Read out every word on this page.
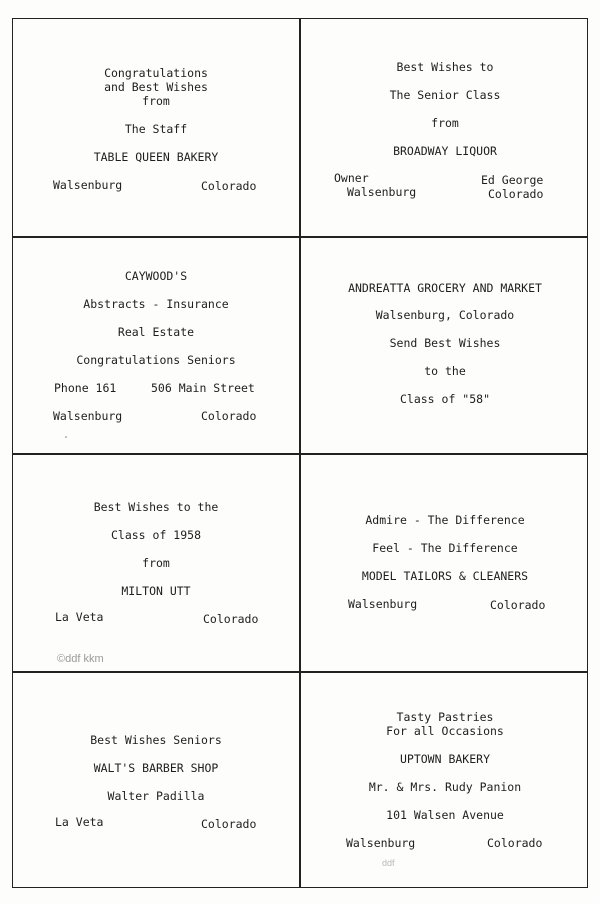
Congratulations
and Best Wishes
from
The Staff
TABLE QUEEN BAKERY
Walsenburg	Colorado
Best Wishes to
The Senior Class
from
BROADWAY LIQUOR
Owner
Walsenburg
Ed George
Colorado
CAYWOOD'S
Abstracts - Insurance
Real Estate
Congratulations Seniors
Phone 161	506 Main Street
Walsenburg	Colorado
ANDREATTA GROCERY AND MARKET
Walsenburg, Colorado
Send Best Wishes
to the
Class of "58"
Best Wishes to the
Class of 1958
from
MILTON UTT
La Veta	Colorado
©ddf kkm
Admire - The Difference
Feel - The Difference
MODEL TAILORS & CLEANERS
Walsenburg	Colorado
Best Wishes Seniors
WALT'S BARBER SHOP
Walter Padilla
La Veta	Colorado
Tasty Pastries
For all Occasions
UPTOWN BAKERY
Mr. & Mrs. Rudy Panion
101 Walsen Avenue
Walsenburg	Colorado
ddf
